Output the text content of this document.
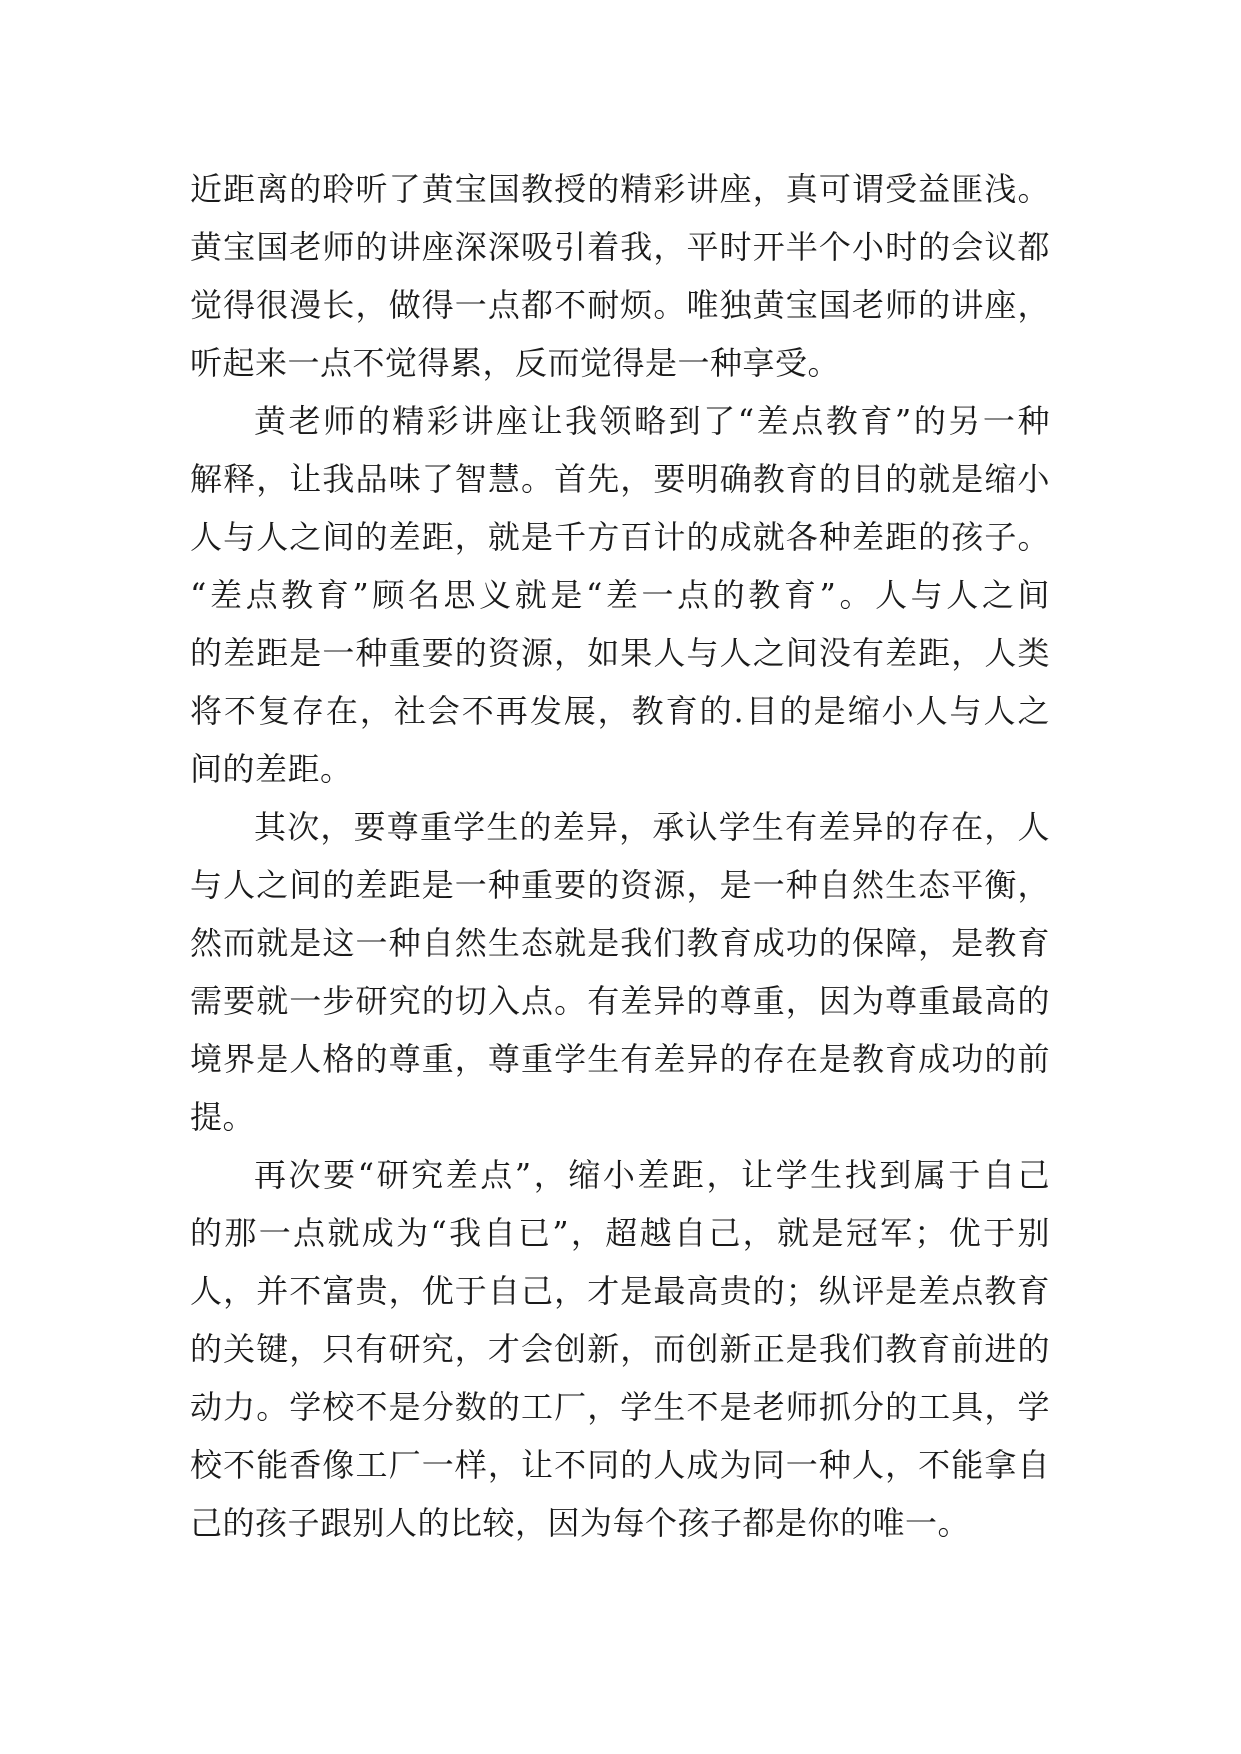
近距离的聆听了黄宝国教授的精彩讲座，真可谓受益匪浅。
黄宝国老师的讲座深深吸引着我，平时开半个小时的会议都
觉得很漫长，做得一点都不耐烦。唯独黄宝国老师的讲座，
听起来一点不觉得累，反而觉得是一种享受。
黄老师的精彩讲座让我领略到了“差点教育”的另一种
解释，让我品味了智慧。首先，要明确教育的目的就是缩小
人与人之间的差距，就是千方百计的成就各种差距的孩子。
“差点教育”顾名思义就是“差一点的教育”。人与人之间
的差距是一种重要的资源，如果人与人之间没有差距，人类
将不复存在，社会不再发展，教育的.目的是缩小人与人之
间的差距。
其次，要尊重学生的差异，承认学生有差异的存在，人
与人之间的差距是一种重要的资源，是一种自然生态平衡，
然而就是这一种自然生态就是我们教育成功的保障，是教育
需要就一步研究的切入点。有差异的尊重，因为尊重最高的
境界是人格的尊重，尊重学生有差异的存在是教育成功的前
提。
再次要“研究差点”，缩小差距，让学生找到属于自己
的那一点就成为“我自已”，超越自己，就是冠军；优于别
人，并不富贵，优于自己，才是最高贵的；纵评是差点教育
的关键，只有研究，才会创新，而创新正是我们教育前进的
动力。学校不是分数的工厂，学生不是老师抓分的工具，学
校不能香像工厂一样，让不同的人成为同一种人，不能拿自
己的孩子跟别人的比较，因为每个孩子都是你的唯一。
